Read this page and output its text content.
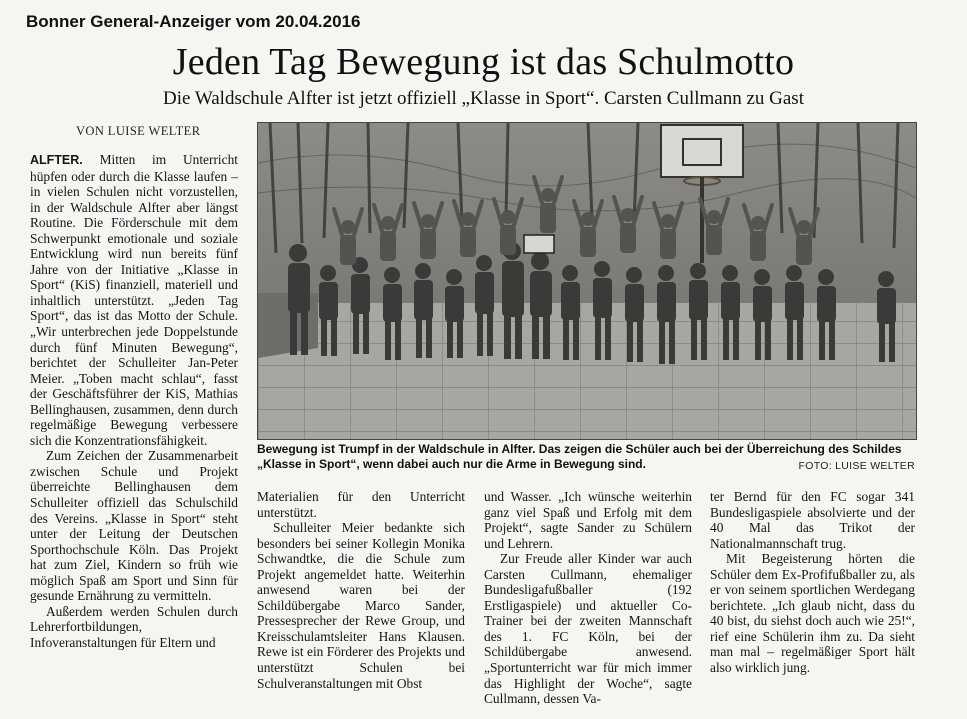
Bonner General-Anzeiger vom 20.04.2016
Jeden Tag Bewegung ist das Schulmotto
Die Waldschule Alfter ist jetzt offiziell „Klasse in Sport“. Carsten Cullmann zu Gast
VON LUISE WELTER

ALFTER. Mitten im Unterricht hüpfen oder durch die Klasse laufen – in vielen Schulen nicht vorzustellen, in der Waldschule Alfter aber längst Routine. Die Förderschule mit dem Schwerpunkt emotionale und soziale Entwicklung wird nun bereits fünf Jahre von der Initiative „Klasse in Sport“ (KiS) finanziell, materiell und inhaltlich unterstützt. „Jeden Tag Sport“, das ist das Motto der Schule. „Wir unterbrechen jede Doppelstunde durch fünf Minuten Bewegung“, berichtet der Schulleiter Jan-Peter Meier. „Toben macht schlau“, fasst der Geschäftsführer der KiS, Mathias Bellinghausen, zusammen, denn durch regelmäßige Bewegung verbessere sich die Konzentrationsfähigkeit.

Zum Zeichen der Zusammenarbeit zwischen Schule und Projekt überreichte Bellinghausen dem Schulleiter offiziell das Schulschild des Vereins. „Klasse in Sport“ steht unter der Leitung der Deutschen Sporthochschule Köln. Das Projekt hat zum Ziel, Kindern so früh wie möglich Spaß am Sport und Sinn für gesunde Ernährung zu vermitteln.

Außerdem werden Schulen durch Lehrerfortbildungen, Infoveranstaltungen für Eltern und

Bewegung ist Trumpf in der Waldschule in Alfter. Das zeigen die Schüler auch bei der Überreichung des Schildes „Klasse in Sport“, wenn dabei auch nur die Arme in Bewegung sind.	FOTO: LUISE WELTER

Materialien für den Unterricht unterstützt.

Schulleiter Meier bedankte sich besonders bei seiner Kollegin Monika Schwandtke, die die Schule zum Projekt angemeldet hatte. Weiterhin anwesend waren bei der Schildübergabe Marco Sander, Pressesprecher der Rewe Group, und Kreisschulamtsleiter Hans Klausen. Rewe ist ein Förderer des Projekts und unterstützt Schulen bei Schulveranstaltungen mit Obst

und Wasser. „Ich wünsche weiterhin ganz viel Spaß und Erfolg mit dem Projekt“, sagte Sander zu Schülern und Lehrern.

Zur Freude aller Kinder war auch Carsten Cullmann, ehemaliger Bundesligafußballer (192 Erstligaspiele) und aktueller Co-Trainer bei der zweiten Mannschaft des 1. FC Köln, bei der Schildübergabe anwesend. „Sportunterricht war für mich immer das Highlight der Woche“, sagte Cullmann, dessen Va-

ter Bernd für den FC sogar 341 Bundesligaspiele absolvierte und der 40 Mal das Trikot der Nationalmannschaft trug.

Mit Begeisterung hörten die Schüler dem Ex-Profifußballer zu, als er von seinem sportlichen Werdegang berichtete. „Ich glaub nicht, dass du 40 bist, du siehst doch auch wie 25!“, rief eine Schülerin ihm zu. Da sieht man mal – regelmäßiger Sport hält also wirklich jung.
